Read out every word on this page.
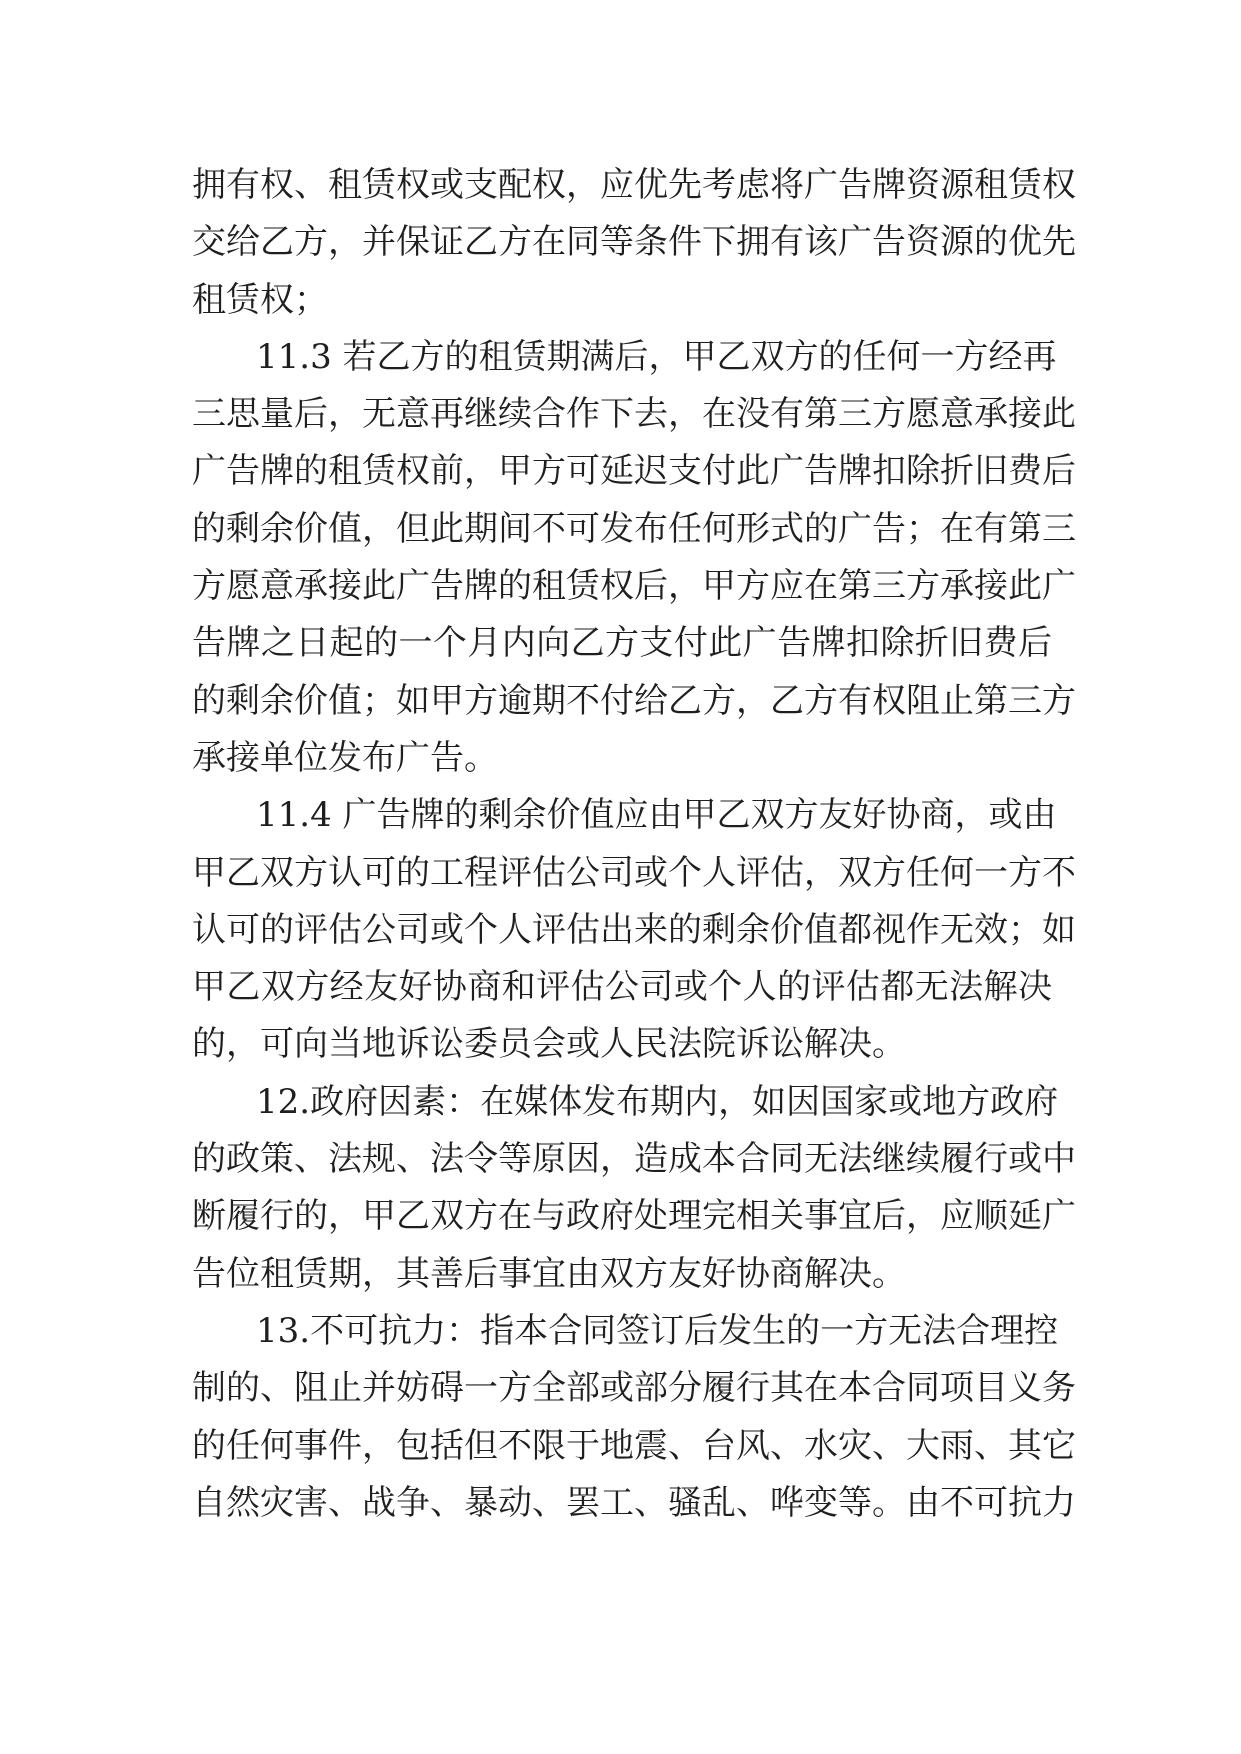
拥有权、租赁权或支配权，应优先考虑将广告牌资源租赁权
交给乙方，并保证乙方在同等条件下拥有该广告资源的优先
租赁权；
11.3 若乙方的租赁期满后，甲乙双方的任何一方经再
三思量后，无意再继续合作下去，在没有第三方愿意承接此
广告牌的租赁权前，甲方可延迟支付此广告牌扣除折旧费后
的剩余价值，但此期间不可发布任何形式的广告；在有第三
方愿意承接此广告牌的租赁权后，甲方应在第三方承接此广
告牌之日起的一个月内向乙方支付此广告牌扣除折旧费后
的剩余价值；如甲方逾期不付给乙方，乙方有权阻止第三方
承接单位发布广告。
11.4 广告牌的剩余价值应由甲乙双方友好协商，或由
甲乙双方认可的工程评估公司或个人评估，双方任何一方不
认可的评估公司或个人评估出来的剩余价值都视作无效；如
甲乙双方经友好协商和评估公司或个人的评估都无法解决
的，可向当地诉讼委员会或人民法院诉讼解决。
12.政府因素：在媒体发布期内，如因国家或地方政府
的政策、法规、法令等原因，造成本合同无法继续履行或中
断履行的，甲乙双方在与政府处理完相关事宜后，应顺延广
告位租赁期，其善后事宜由双方友好协商解决。
13.不可抗力：指本合同签订后发生的一方无法合理控
制的、阻止并妨碍一方全部或部分履行其在本合同项目义务
的任何事件，包括但不限于地震、台风、水灾、大雨、其它
自然灾害、战争、暴动、罢工、骚乱、哗变等。由不可抗力
